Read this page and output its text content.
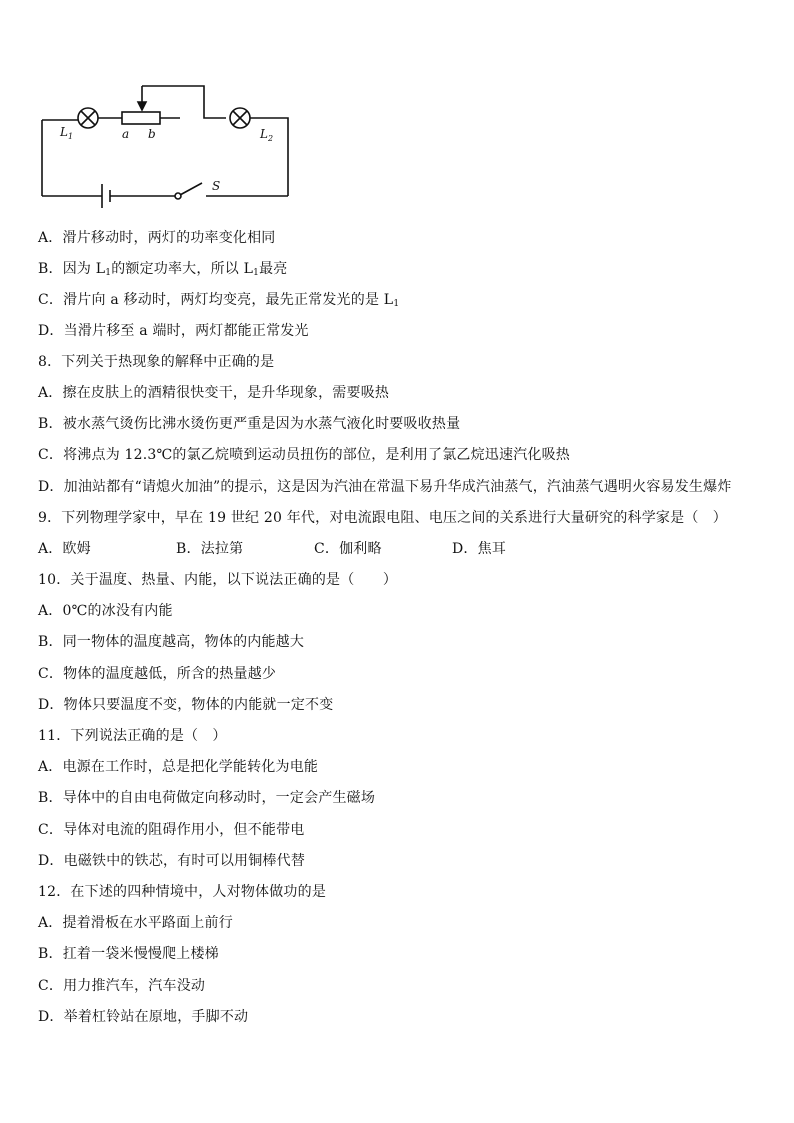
$L_1$	a b	$L_2$
S
A．滑片移动时，两灯的功率变化相同
B．因为 $L_1$的额定功率大，所以 $L_1$最亮
C．滑片向 a 移动时，两灯均变亮，最先正常发光的是 $L_1$
D．当滑片移至 a 端时，两灯都能正常发光
8．下列关于热现象的解释中正确的是
A．擦在皮肤上的酒精很快变干，是升华现象，需要吸热
B．被水蒸气烫伤比沸水烫伤更严重是因为水蒸气液化时要吸收热量
C．将沸点为 12.3℃的氯乙烷喷到运动员扭伤的部位，是利用了氯乙烷迅速汽化吸热
D．加油站都有“请熄火加油”的提示，这是因为汽油在常温下易升华成汽油蒸气，汽油蒸气遇明火容易发生爆炸
9．下列物理学家中，早在 19 世纪 20 年代，对电流跟电阻、电压之间的关系进行大量研究的科学家是（　）
A．欧姆	B．法拉第	C．伽利略	D．焦耳
10．关于温度、热量、内能，以下说法正确的是（　　）
A．0℃的冰没有内能
B．同一物体的温度越高，物体的内能越大
C．物体的温度越低，所含的热量越少
D．物体只要温度不变，物体的内能就一定不变
11．下列说法正确的是（　）
A．电源在工作时，总是把化学能转化为电能
B．导体中的自由电荷做定向移动时，一定会产生磁场
C．导体对电流的阻碍作用小，但不能带电
D．电磁铁中的铁芯，有时可以用铜棒代替
12．在下述的四种情境中，人对物体做功的是
A．提着滑板在水平路面上前行
B．扛着一袋米慢慢爬上楼梯
C．用力推汽车，汽车没动
D．举着杠铃站在原地，手脚不动
